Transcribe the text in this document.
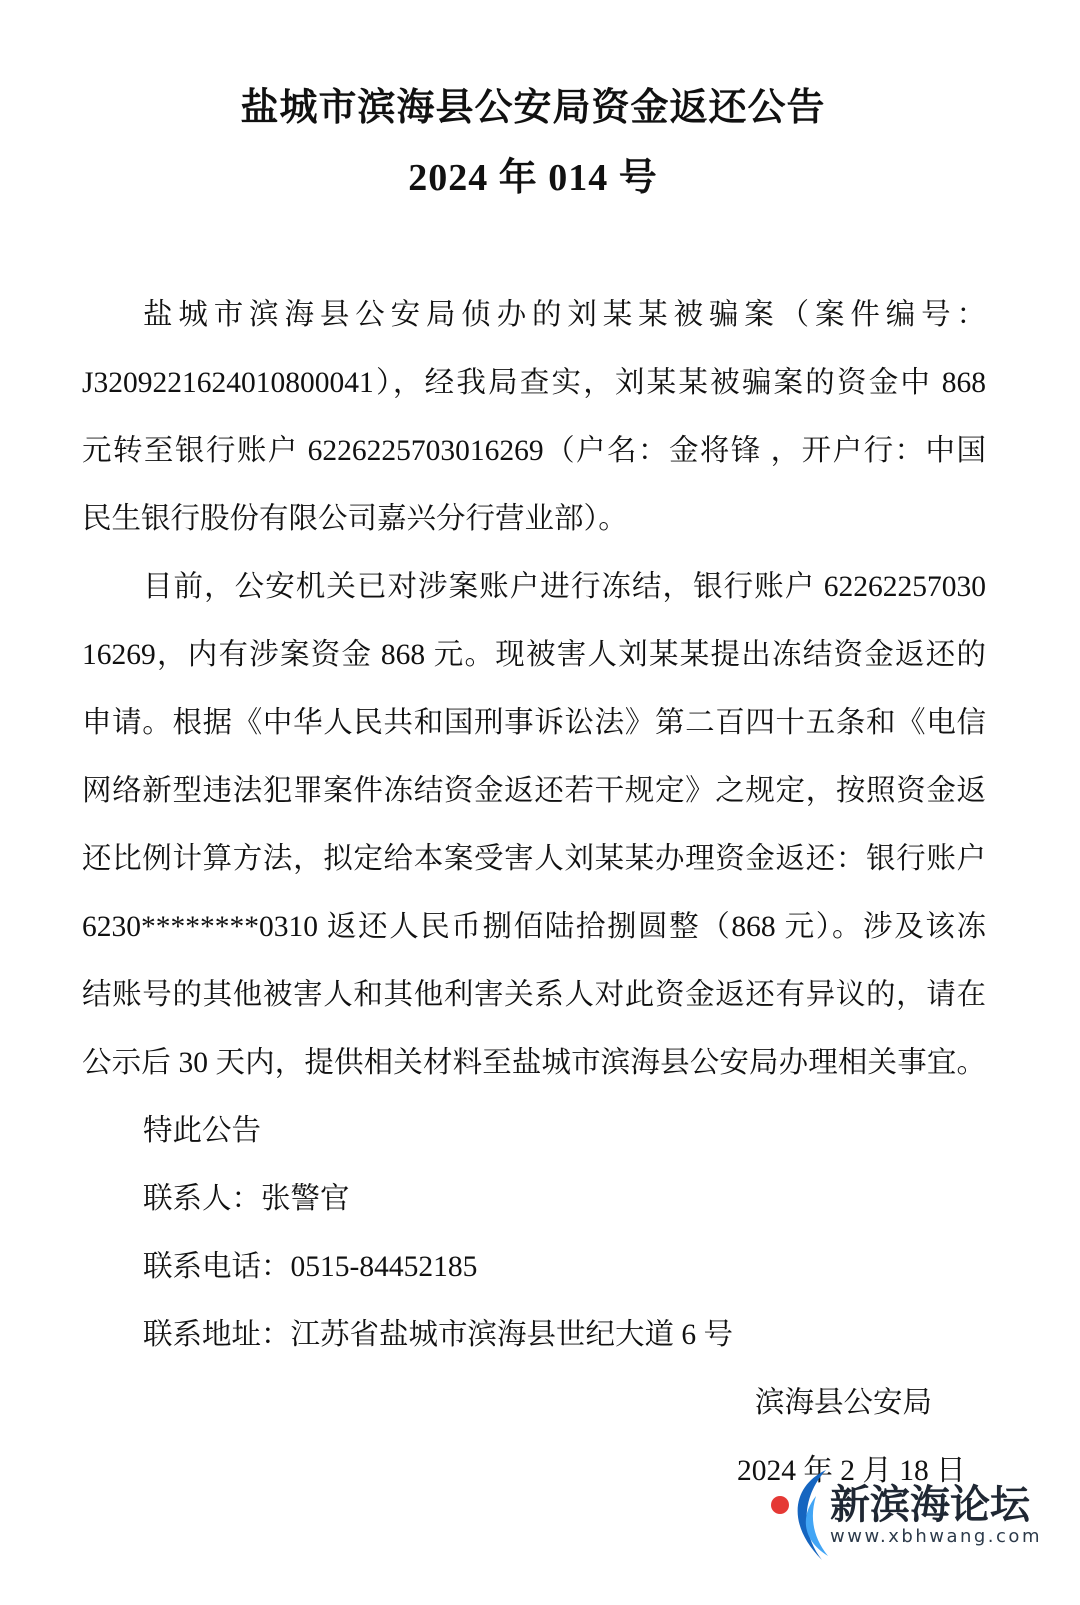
盐城市滨海县公安局资金返还公告
2024 年 014 号
盐城市滨海县公安局侦办的刘某某被骗案（案件编号：
J3209221624010800041），经我局查实，刘某某被骗案的资金中 868
元转至银行账户 6226225703016269（户名：金将锋 ，开户行：中国
民生银行股份有限公司嘉兴分行营业部）。
目前，公安机关已对涉案账户进行冻结，银行账户 62262257030
16269，内有涉案资金 868 元。现被害人刘某某提出冻结资金返还的
申请。根据《中华人民共和国刑事诉讼法》第二百四十五条和《电信
网络新型违法犯罪案件冻结资金返还若干规定》之规定，按照资金返
还比例计算方法，拟定给本案受害人刘某某办理资金返还：银行账户
6230********0310 返还人民币捌佰陆拾捌圆整（868 元）。涉及该冻
结账号的其他被害人和其他利害关系人对此资金返还有异议的，请在
公示后 30 天内，提供相关材料至盐城市滨海县公安局办理相关事宜。
特此公告
联系人：张警官
联系电话：0515-84452185
联系地址：江苏省盐城市滨海县世纪大道 6 号
滨海县公安局
2024 年 2 月 18 日
新滨海论坛
www.xbhwang.com
